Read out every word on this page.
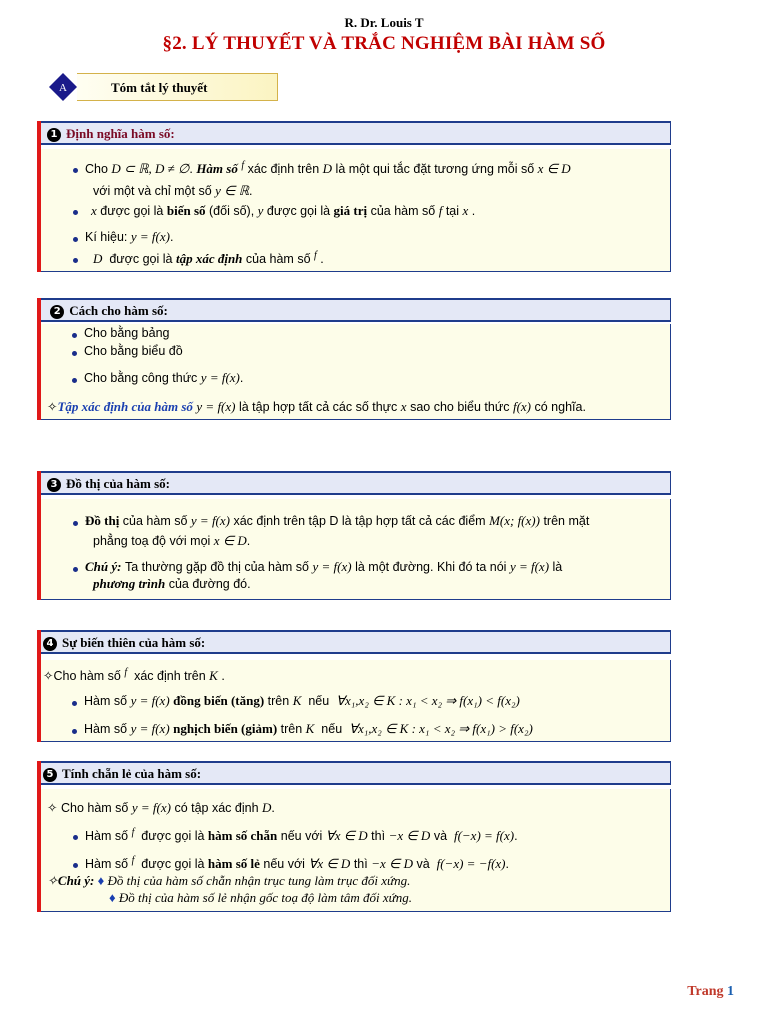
R. Dr. Louis T
§2. LÝ THUYẾT VÀ TRẮC NGHIỆM BÀI HÀM SỐ
A	Tóm tắt lý thuyết
1 Định nghĩa hàm số:
Cho D ⊂ ℝ, D ≠ ∅. Hàm số $^f$ xác định trên D là một qui tắc đặt tương ứng mỗi số x ∈ D
với một và chỉ một số y ∈ ℝ.
x được gọi là biến số (đối số), y được gọi là giá trị của hàm số f tại x .
Kí hiệu: y = f(x).
D được gọi là tập xác định của hàm số $^f$ .
2 Cách cho hàm số:
Cho bằng bảng
Cho bằng biểu đồ
Cho bằng công thức y = f(x).
✧Tập xác định của hàm số y = f(x) là tập hợp tất cả các số thực x sao cho biểu thức f(x) có nghĩa.
3 Đồ thị của hàm số:
Đồ thị của hàm số y = f(x) xác định trên tập D là tập hợp tất cả các điểm M(x; f(x)) trên mặt
phẳng toạ độ với mọi x ∈ D.
Chú ý: Ta thường gặp đồ thị của hàm số y = f(x) là một đường. Khi đó ta nói y = f(x) là
phương trình của đường đó.
4 Sự biến thiên của hàm số:
✧Cho hàm số $^f$ xác định trên K .
Hàm số y = f(x) đồng biến (tăng) trên K nếu ∀x₁,x₂ ∈ K : x₁ < x₂ ⇒ f(x₁) < f(x₂)
Hàm số y = f(x) nghịch biến (giảm) trên K nếu ∀x₁,x₂ ∈ K : x₁ < x₂ ⇒ f(x₁) > f(x₂)
5 Tính chẵn lẻ của hàm số:
✧ Cho hàm số y = f(x) có tập xác định D.
Hàm số $^f$ được gọi là hàm số chẵn nếu với ∀x ∈ D thì −x ∈ D và f(−x) = f(x).
Hàm số $^f$ được gọi là hàm số lẻ nếu với ∀x ∈ D thì −x ∈ D và f(−x) = −f(x).
✧Chú ý: ♦ Đồ thị của hàm số chẵn nhận trục tung làm trục đối xứng.
♦ Đồ thị của hàm số lẻ nhận gốc toạ độ làm tâm đối xứng.
Trang 1
